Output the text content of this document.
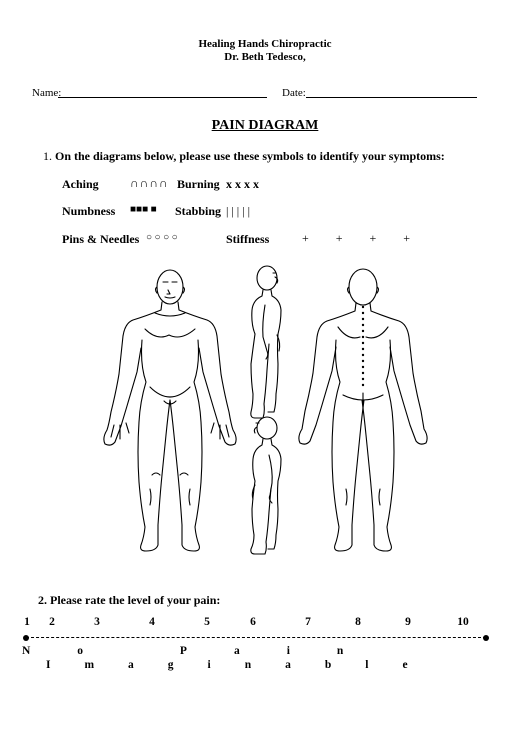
Healing Hands Chiropractic
Dr. Beth Tedesco,
Name:	Date:
PAIN DIAGRAM
1. On the diagrams below, please use these symbols to identify your symptoms:
Aching	∩∩∩∩ Burning x x x x
Numbness ■■■ ■ Stabbing | | | | |
Pins & Needles ○ ○ ○ ○	Stiffness	+ + + +
2. Please rate the level of your pain:
1 2	3	4	5	6	7	8	9	10
No Pain
Imaginable
